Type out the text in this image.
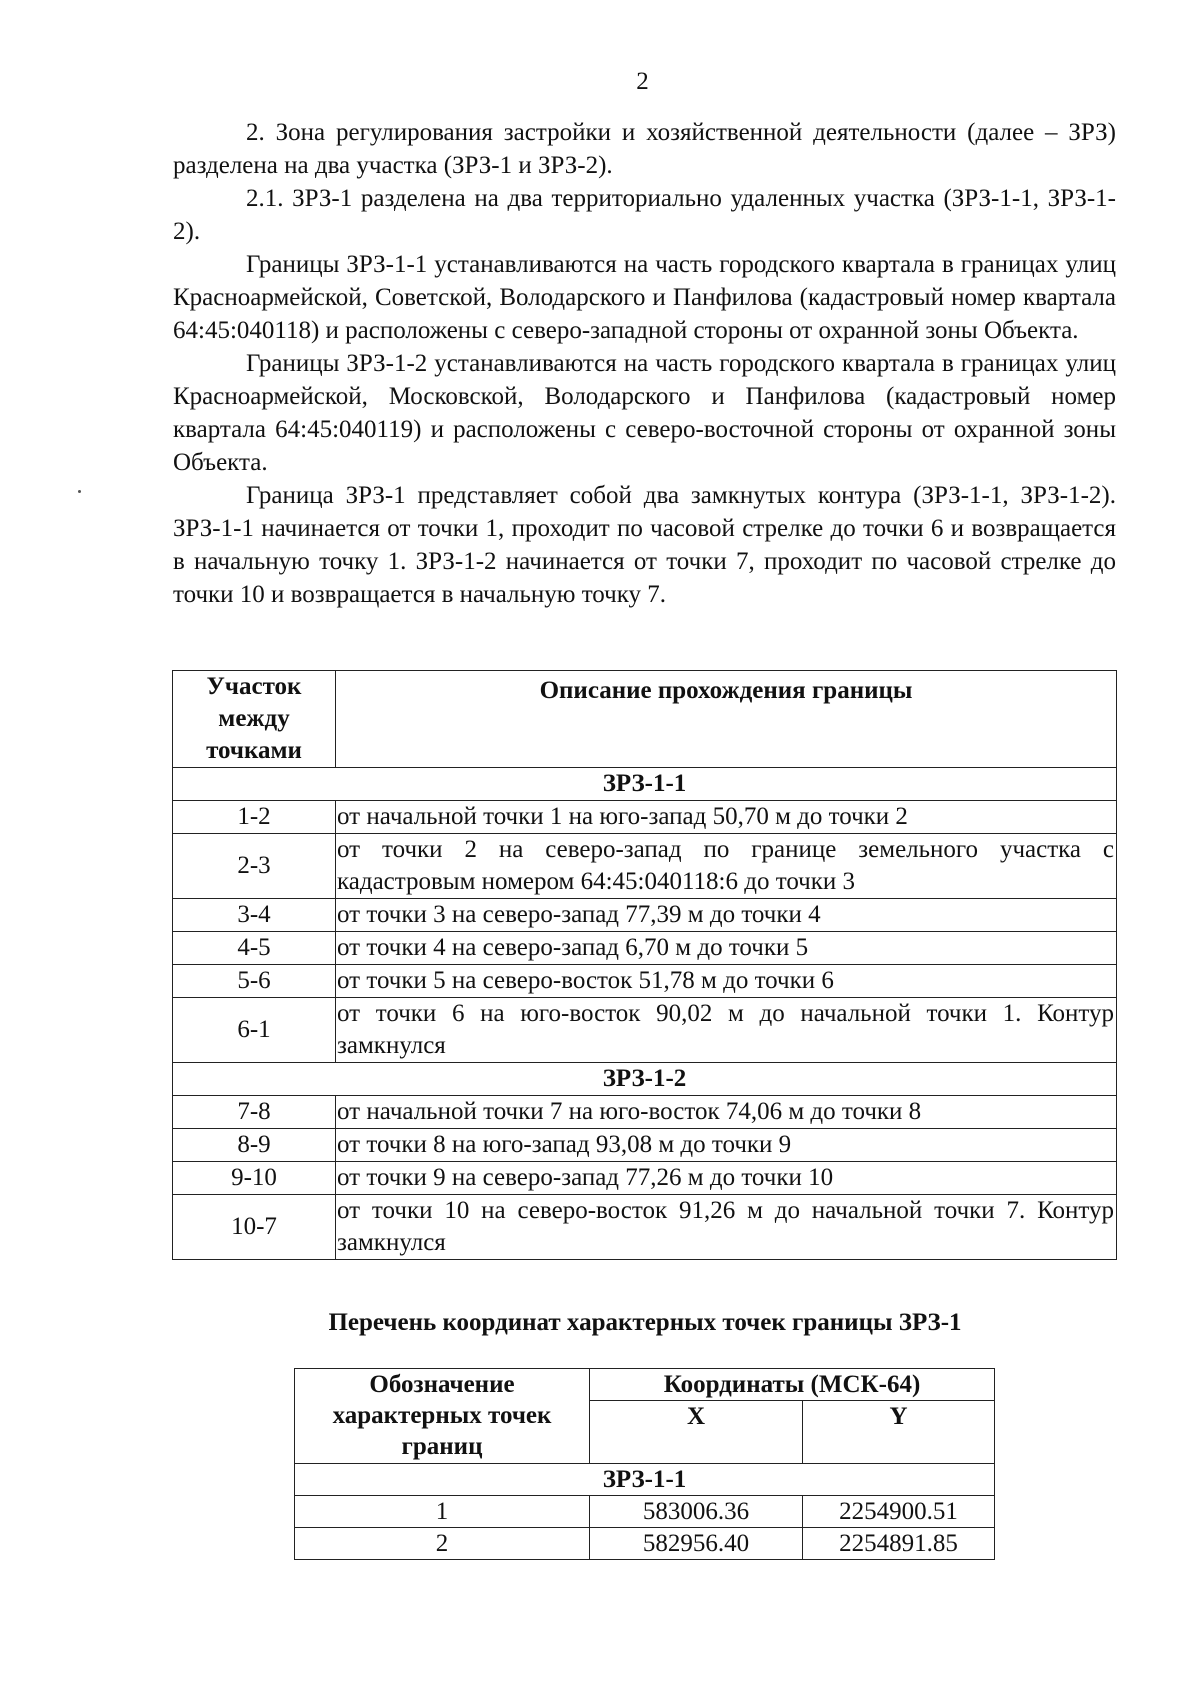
2

2. Зона регулирования застройки и хозяйственной деятельности (далее – ЗРЗ) разделена на два участка (ЗРЗ-1 и ЗРЗ-2).

2.1. ЗРЗ-1 разделена на два территориально удаленных участка (ЗРЗ-1-1, ЗРЗ-1-2).

Границы ЗРЗ-1-1 устанавливаются на часть городского квартала в границах улиц Красноармейской, Советской, Володарского и Панфилова (кадастровый номер квартала 64:45:040118) и расположены с северо-западной стороны от охранной зоны Объекта.

Границы ЗРЗ-1-2 устанавливаются на часть городского квартала в границах улиц Красноармейской, Московской, Володарского и Панфилова (кадастровый номер квартала 64:45:040119) и расположены с северо-восточной стороны от охранной зоны Объекта.

Граница ЗРЗ-1 представляет собой два замкнутых контура (ЗРЗ-1-1, ЗРЗ-1-2). ЗРЗ-1-1 начинается от точки 1, проходит по часовой стрелке до точки 6 и возвращается в начальную точку 1. ЗРЗ-1-2 начинается от точки 7, проходит по часовой стрелке до точки 10 и возвращается в начальную точку 7.

Участок между точками	Описание прохождения границы
ЗРЗ-1-1	
1-2	от начальной точки 1 на юго-запад 50,70 м до точки 2
2-3	от точки 2 на северо-запад по границе земельного участка с кадастровым номером 64:45:040118:6 до точки 3
3-4	от точки 3 на северо-запад 77,39 м до точки 4
4-5	от точки 4 на северо-запад 6,70 м до точки 5
5-6	от точки 5 на северо-восток 51,78 м до точки 6
6-1	от точки 6 на юго-восток 90,02 м до начальной точки 1. Контур замкнулся
ЗРЗ-1-2	
7-8	от начальной точки 7 на юго-восток 74,06 м до точки 8
8-9	от точки 8 на юго-запад 93,08 м до точки 9
9-10	от точки 9 на северо-запад 77,26 м до точки 10
10-7	от точки 10 на северо-восток 91,26 м до начальной точки 7. Контур замкнулся
Перечень координат характерных точек границы ЗРЗ-1
Обозначение характерных точек границ	Координаты (МСК-64)	
	X	Y
ЗРЗ-1-1		
1	583006.36	2254900.51
2	582956.40	2254891.85
